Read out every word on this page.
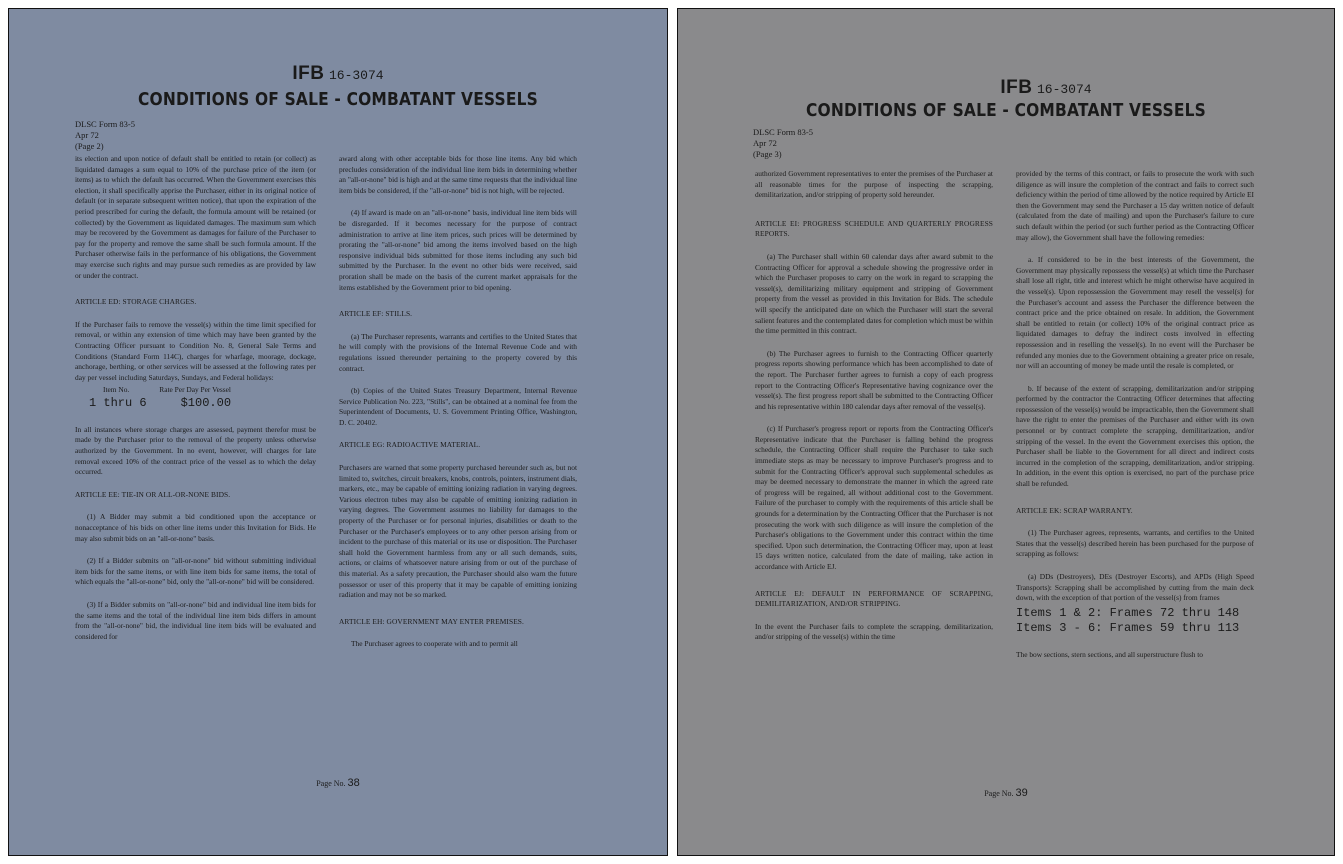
IFB 16-3074
CONDITIONS OF SALE - COMBATANT VESSELS
DLSC Form 83-5
Apr 72
(Page 2)

its election and upon notice of default shall be entitled to retain (or collect) as liquidated damages a sum equal to 10% of the purchase price of the item (or items) as to which the default has occurred. When the Government exercises this election, it shall specifically apprise the Purchaser, either in its original notice of default (or in separate subsequent written notice), that upon the expiration of the period prescribed for curing the default, the formula amount will be retained (or collected) by the Government as liquidated damages. The maximum sum which may be recovered by the Government as damages for failure of the Purchaser to pay for the property and remove the same shall be such formula amount. If the Purchaser otherwise fails in the performance of his obligations, the Government may exercise such rights and may pursue such remedies as are provided by law or under the contract.

ARTICLE ED: STORAGE CHARGES.

If the Purchaser fails to remove the vessel(s) within the time limit specified for removal, or within any extension of time which may have been granted by the Contracting Officer pursuant to Condition No. 8, General Sale Terms and Conditions (Standard Form 114C), charges for wharfage, moorage, dockage, anchorage, berthing, or other services will be assessed at the following rates per day per vessel including Saturdays, Sundays, and Federal holidays:

Item No.	Rate Per Day Per Vessel
1 thru 6	$100.00

In all instances where storage charges are assessed, payment therefor must be made by the Purchaser prior to the removal of the property unless otherwise authorized by the Government. In no event, however, will charges for late removal exceed 10% of the contract price of the vessel as to which the delay occurred.

ARTICLE EE: TIE-IN OR ALL-OR-NONE BIDS.

(1) A Bidder may submit a bid conditioned upon the acceptance or nonacceptance of his bids on other line items under this Invitation for Bids. He may also submit bids on an "all-or-none" basis.

(2) If a Bidder submits on "all-or-none" bid without submitting individual item bids for the same items, or with line item bids for same items, the total of which equals the "all-or-none" bid, only the "all-or-none" bid will be considered.

(3) If a Bidder submits on "all-or-none" bid and individual line item bids for the same items and the total of the individual line item bids differs in amount from the "all-or-none" bid, the individual line item bids will be evaluated and considered for

award along with other acceptable bids for those line items. Any bid which precludes consideration of the individual line item bids in determining whether an "all-or-none" bid is high and at the same time requests that the individual line item bids be considered, if the "all-or-none" bid is not high, will be rejected.

(4) If award is made on an "all-or-none" basis, individual line item bids will be disregarded. If it becomes necessary for the purpose of contract administration to arrive at line item prices, such prices will be determined by prorating the "all-or-none" bid among the items involved based on the high responsive individual bids submitted for those items including any such bid submitted by the Purchaser. In the event no other bids were received, said proration shall be made on the basis of the current market appraisals for the items established by the Government prior to bid opening.

ARTICLE EF: STILLS.

(a) The Purchaser represents, warrants and certifies to the United States that he will comply with the provisions of the Internal Revenue Code and with regulations issued thereunder pertaining to the property covered by this contract.

(b) Copies of the United States Treasury Department, Internal Revenue Service Publication No. 223, "Stills", can be obtained at a nominal fee from the Superintendent of Documents, U. S. Government Printing Office, Washington, D. C. 20402.

ARTICLE EG: RADIOACTIVE MATERIAL.

Purchasers are warned that some property purchased hereunder such as, but not limited to, switches, circuit breakers, knobs, controls, pointers, instrument dials, markers, etc., may be capable of emitting ionizing radiation in varying degrees. Various electron tubes may also be capable of emitting ionizing radiation in varying degrees. The Government assumes no liability for damages to the property of the Purchaser or for personal injuries, disabilities or death to the Purchaser or the Purchaser's employees or to any other person arising from or incident to the purchase of this material or its use or disposition. The Purchaser shall hold the Government harmless from any or all such demands, suits, actions, or claims of whatsoever nature arising from or out of the purchase of this material. As a safety precaution, the Purchaser should also warn the future possessor or user of this property that it may be capable of emitting ionizing radiation and may not be so marked.

ARTICLE EH: GOVERNMENT MAY ENTER PREMISES.

The Purchaser agrees to cooperate with and to permit all

Page No. 38
IFB 16-3074
CONDITIONS OF SALE - COMBATANT VESSELS
DLSC Form 83-5
Apr 72
(Page 3)

authorized Government representatives to enter the premises of the Purchaser at all reasonable times for the purpose of inspecting the scrapping, demilitarization, and/or stripping of property sold hereunder.

ARTICLE EI: PROGRESS SCHEDULE AND QUARTERLY PROGRESS REPORTS.

(a) The Purchaser shall within 60 calendar days after award submit to the Contracting Officer for approval a schedule showing the progressive order in which the Purchaser proposes to carry on the work in regard to scrapping the vessel(s), demilitarizing military equipment and stripping of Government property from the vessel as provided in this Invitation for Bids. The schedule will specify the anticipated date on which the Purchaser will start the several salient features and the contemplated dates for completion which must be within the time permitted in this contract.

(b) The Purchaser agrees to furnish to the Contracting Officer quarterly progress reports showing performance which has been accomplished to date of the report. The Purchaser further agrees to furnish a copy of each progress report to the Contracting Officer's Representative having cognizance over the vessel(s). The first progress report shall be submitted to the Contracting Officer and his representative within 180 calendar days after removal of the vessel(s).

(c) If Purchaser's progress report or reports from the Contracting Officer's Representative indicate that the Purchaser is falling behind the progress schedule, the Contracting Officer shall require the Purchaser to take such immediate steps as may be necessary to improve Purchaser's progress and to submit for the Contracting Officer's approval such supplemental schedules as may be deemed necessary to demonstrate the manner in which the agreed rate of progress will be regained, all without additional cost to the Government. Failure of the purchaser to comply with the requirements of this article shall be grounds for a determination by the Contracting Officer that the Purchaser is not prosecuting the work with such diligence as will insure the completion of the Purchaser's obligations to the Government under this contract within the time specified. Upon such determination, the Contracting Officer may, upon at least 15 days written notice, calculated from the date of mailing, take action in accordance with Article EJ.

ARTICLE EJ: DEFAULT IN PERFORMANCE OF SCRAPPING, DEMILITARIZATION, AND/OR STRIPPING.

In the event the Purchaser fails to complete the scrapping, demilitarization, and/or stripping of the vessel(s) within the time

provided by the terms of this contract, or fails to prosecute the work with such diligence as will insure the completion of the contract and fails to correct such deficiency within the period of time allowed by the notice required by Article EI then the Government may send the Purchaser a 15 day written notice of default (calculated from the date of mailing) and upon the Purchaser's failure to cure such default within the period (or such further period as the Contracting Officer may allow), the Government shall have the following remedies:

a. If considered to be in the best interests of the Government, the Government may physically repossess the vessel(s) at which time the Purchaser shall lose all right, title and interest which he might otherwise have acquired in the vessel(s). Upon repossession the Government may resell the vessel(s) for the Purchaser's account and assess the Purchaser the difference between the contract price and the price obtained on resale. In addition, the Government shall be entitled to retain (or collect) 10% of the original contract price as liquidated damages to defray the indirect costs involved in effecting repossession and in reselling the vessel(s). In no event will the Purchaser be refunded any monies due to the Government obtaining a greater price on resale, nor will an accounting of money be made until the resale is completed, or

b. If because of the extent of scrapping, demilitarization and/or stripping performed by the contractor the Contracting Officer determines that affecting repossession of the vessel(s) would be impracticable, then the Government shall have the right to enter the premises of the Purchaser and either with its own personnel or by contract complete the scrapping, demilitarization, and/or stripping of the vessel. In the event the Government exercises this option, the Purchaser shall be liable to the Government for all direct and indirect costs incurred in the completion of the scrapping, demilitarization, and/or stripping. In addition, in the event this option is exercised, no part of the purchase price shall be refunded.

ARTICLE EK: SCRAP WARRANTY.

(1) The Purchaser agrees, represents, warrants, and certifies to the United States that the vessel(s) described herein has been purchased for the purpose of scrapping as follows:

(a) DDs (Destroyers), DEs (Destroyer Escorts), and APDs (High Speed Transports): Scrapping shall be accomplished by cutting from the main deck down, with the exception of that portion of the vessel(s) from frames

Items 1 & 2: Frames 72 thru 148
Items 3 - 6: Frames 59 thru 113

The bow sections, stern sections, and all superstructure flush to

Page No. 39
